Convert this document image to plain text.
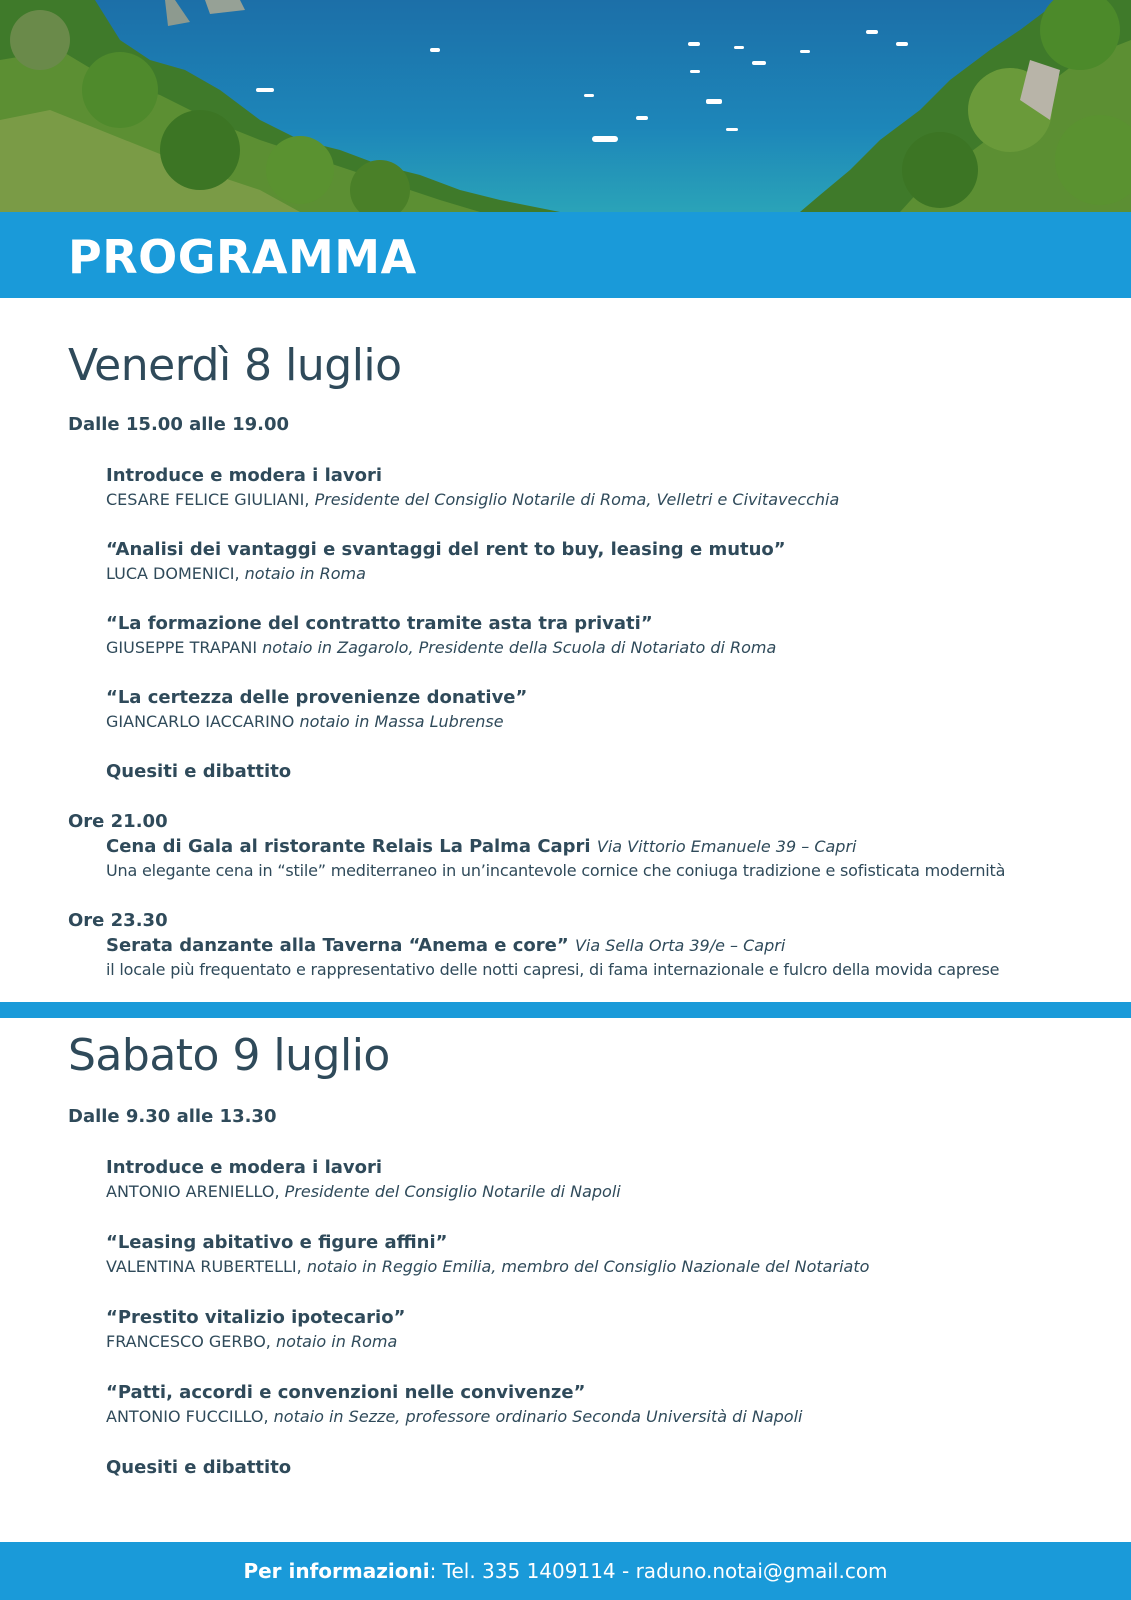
PROGRAMMA
Venerdì 8 luglio
Dalle 15.00 alle 19.00
Introduce e modera i lavori
CESARE FELICE GIULIANI, Presidente del Consiglio Notarile di Roma, Velletri e Civitavecchia
“Analisi dei vantaggi e svantaggi del rent to buy, leasing e mutuo”
LUCA DOMENICI, notaio in Roma
“La formazione del contratto tramite asta tra privati”
GIUSEPPE TRAPANI notaio in Zagarolo, Presidente della Scuola di Notariato di Roma
“La certezza delle provenienze donative”
GIANCARLO IACCARINO notaio in Massa Lubrense
Quesiti e dibattito
Ore 21.00
Cena di Gala al ristorante Relais La Palma Capri Via Vittorio Emanuele 39 – Capri
Una elegante cena in “stile” mediterraneo in un’incantevole cornice che coniuga tradizione e sofisticata modernità
Ore 23.30
Serata danzante alla Taverna “Anema e core” Via Sella Orta 39/e – Capri
il locale più frequentato e rappresentativo delle notti capresi, di fama internazionale e fulcro della movida caprese
Sabato 9 luglio
Dalle 9.30 alle 13.30
Introduce e modera i lavori
ANTONIO ARENIELLO, Presidente del Consiglio Notarile di Napoli
“Leasing abitativo e figure affini”
VALENTINA RUBERTELLI, notaio in Reggio Emilia, membro del Consiglio Nazionale del Notariato
“Prestito vitalizio ipotecario”
FRANCESCO GERBO, notaio in Roma
“Patti, accordi e convenzioni nelle convivenze”
ANTONIO FUCCILLO, notaio in Sezze, professore ordinario Seconda Università di Napoli
Quesiti e dibattito
Per informazioni : Tel. 335 1409114 - raduno.notai@gmail.com
